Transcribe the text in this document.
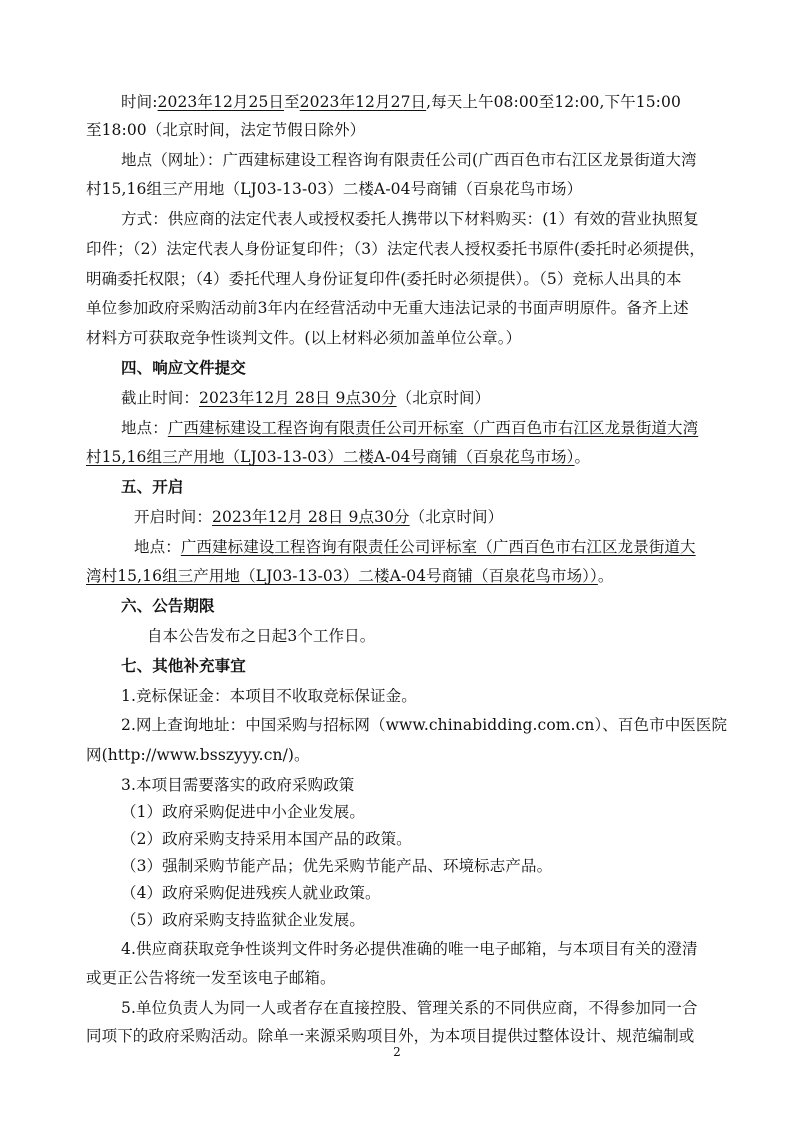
时间:2023年12月25日至2023年12月27日,每天上午08:00至12:00,下午15:00
至18:00（北京时间，法定节假日除外）
地点（网址）：广西建标建设工程咨询有限责任公司(广西百色市右江区龙景街道大湾
村15,16组三产用地（LJ03-13-03）二楼A-04号商铺（百泉花鸟市场）
方式：供应商的法定代表人或授权委托人携带以下材料购买：(1）有效的营业执照复
印件；（2）法定代表人身份证复印件；（3）法定代表人授权委托书原件(委托时必须提供，
明确委托权限；（4）委托代理人身份证复印件(委托时必须提供）。（5）竞标人出具的本
单位参加政府采购活动前3年内在经营活动中无重大违法记录的书面声明原件。备齐上述
材料方可获取竞争性谈判文件。(以上材料必须加盖单位公章。）
四、响应文件提交
截止时间：2023年12月 28日 9点30分（北京时间）
地点：广西建标建设工程咨询有限责任公司开标室（广西百色市右江区龙景街道大湾
村15,16组三产用地（LJ03-13-03）二楼A-04号商铺（百泉花鸟市场）。
五、开启
开启时间：2023年12月 28日 9点30分（北京时间）
地点：广西建标建设工程咨询有限责任公司评标室（广西百色市右江区龙景街道大
湾村15,16组三产用地（LJ03-13-03）二楼A-04号商铺（百泉花鸟市场））。
六、公告期限
自本公告发布之日起3个工作日。
七、其他补充事宜
1.竞标保证金：本项目不收取竞标保证金。
2.网上查询地址：中国采购与招标网（www.chinabidding.com.cn）、百色市中医医院
网(http://www.bsszyyy.cn/)。
3.本项目需要落实的政府采购政策
（1）政府采购促进中小企业发展。
（2）政府采购支持采用本国产品的政策。
（3）强制采购节能产品；优先采购节能产品、环境标志产品。
（4）政府采购促进残疾人就业政策。
（5）政府采购支持监狱企业发展。
4.供应商获取竞争性谈判文件时务必提供准确的唯一电子邮箱，与本项目有关的澄清
或更正公告将统一发至该电子邮箱。
5.单位负责人为同一人或者存在直接控股、管理关系的不同供应商，不得参加同一合
同项下的政府采购活动。除单一来源采购项目外，为本项目提供过整体设计、规范编制或
2
